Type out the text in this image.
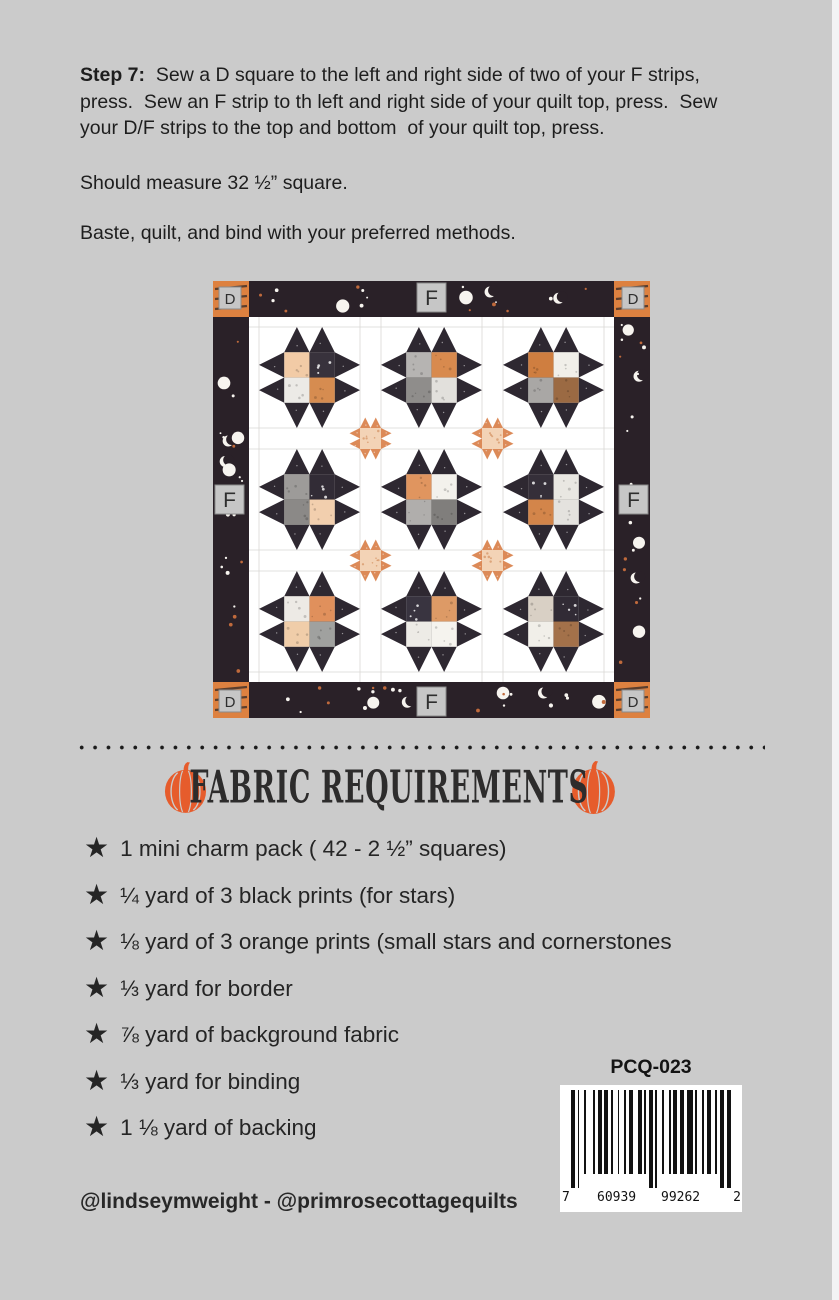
Step 7:  Sew a D square to the left and right side of two of your F strips,
press.  Sew an F strip to th left and right side of your quilt top, press.  Sew
your D/F strips to the top and bottom  of your quilt top, press.
Should measure 32 ½” square.
Baste, quilt, and bind with your preferred methods.
D	D
D	D
F
F	F
F
FABRIC REQUIREMENTS
★ 1 mini charm pack ( 42 - 2 ½” squares)
★ ¼ yard of 3 black prints (for stars)
★ ⅛ yard of 3 orange prints (small stars and cornerstones
★ ⅓ yard for border
★ ⅞ yard of background fabric
★ ⅓ yard for binding
★ 1 ⅛ yard of backing
PCQ-023
7 60939 99262	2
@lindseymweight - @primrosecottagequilts
